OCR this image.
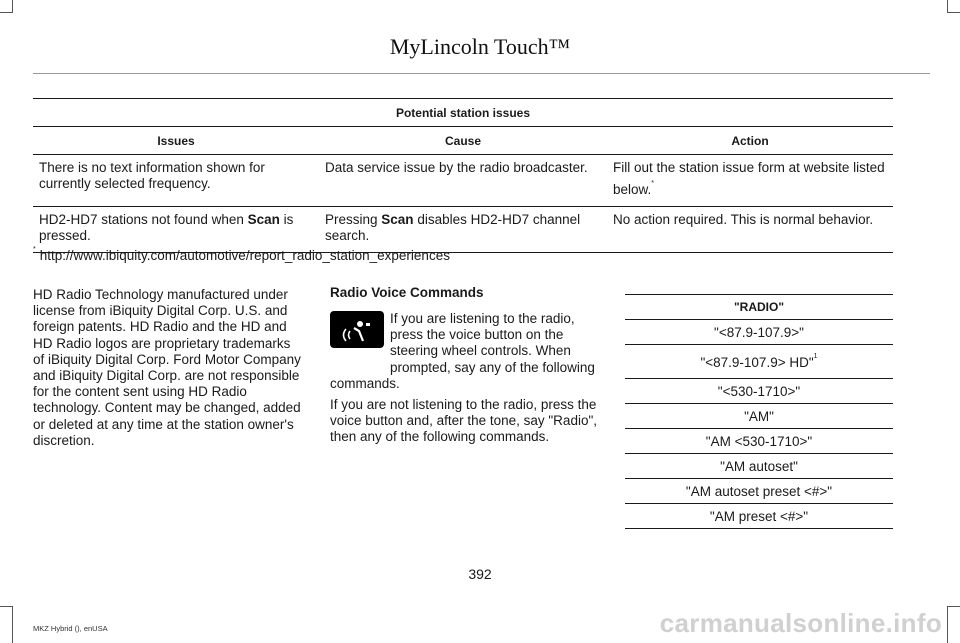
MyLincoln Touch™
Potential station issues		
Issues	Cause	Action
There is no text information shown for currently selected frequency.	Data service issue by the radio broadcaster.	Fill out the station issue form at website listed below.*
HD2-HD7 stations not found when Scan is pressed.	Pressing Scan disables HD2-HD7 channel search.	No action required. This is normal behavior.
* http://www.ibiquity.com/automotive/report_radio_station_experiences
HD Radio Technology manufactured under license from iBiquity Digital Corp. U.S. and foreign patents. HD Radio and the HD and HD Radio logos are proprietary trademarks of iBiquity Digital Corp. Ford Motor Company and iBiquity Digital Corp. are not responsible for the content sent using HD Radio technology. Content may be changed, added or deleted at any time at the station owner's discretion.
Radio Voice Commands
If you are listening to the radio, press the voice button on the steering wheel controls. When prompted, say any of the following commands.
If you are not listening to the radio, press the voice button and, after the tone, say "Radio", then any of the following commands.
"RADIO"
"<87.9-107.9>"
"<87.9-107.9> HD"$^1$
"<530-1710>"
"AM"
"AM <530-1710>"
"AM autoset"
"AM autoset preset <#>"
"AM preset <#>"
392
MKZ Hybrid (), enUSA	carmanualsonline.info
